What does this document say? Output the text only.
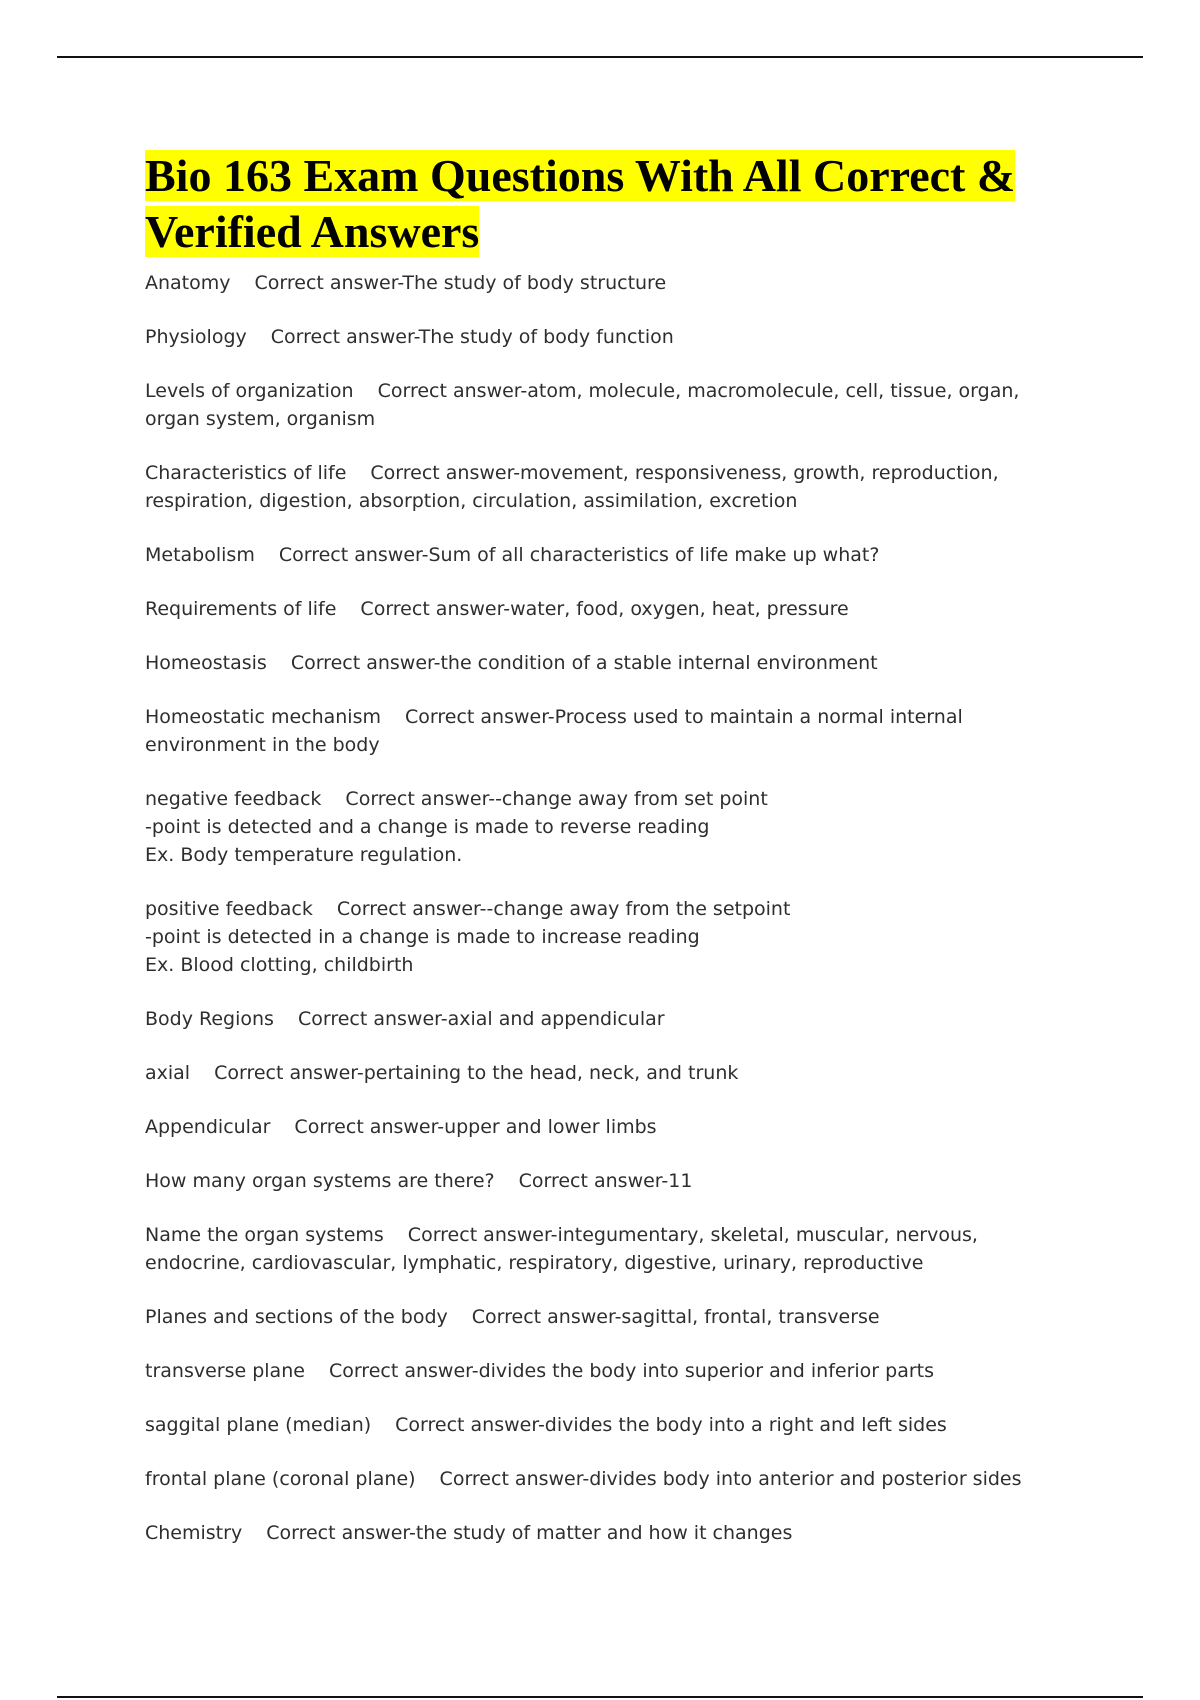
Bio 163 Exam Questions With All Correct & Verified Answers
Anatomy Correct answer-The study of body structure
Physiology Correct answer-The study of body function
Levels of organization Correct answer-atom, molecule, macromolecule, cell, tissue, organ, organ system, organism
Characteristics of life Correct answer-movement, responsiveness, growth, reproduction, respiration, digestion, absorption, circulation, assimilation, excretion
Metabolism Correct answer-Sum of all characteristics of life make up what?
Requirements of life Correct answer-water, food, oxygen, heat, pressure
Homeostasis Correct answer-the condition of a stable internal environment
Homeostatic mechanism Correct answer-Process used to maintain a normal internal environment in the body
negative feedback Correct answer--change away from set point
-point is detected and a change is made to reverse reading
Ex. Body temperature regulation.
positive feedback Correct answer--change away from the setpoint
-point is detected in a change is made to increase reading
Ex. Blood clotting, childbirth
Body Regions Correct answer-axial and appendicular
axial Correct answer-pertaining to the head, neck, and trunk
Appendicular Correct answer-upper and lower limbs
How many organ systems are there? Correct answer-11
Name the organ systems Correct answer-integumentary, skeletal, muscular, nervous, endocrine, cardiovascular, lymphatic, respiratory, digestive, urinary, reproductive
Planes and sections of the body Correct answer-sagittal, frontal, transverse
transverse plane Correct answer-divides the body into superior and inferior parts
saggital plane (median) Correct answer-divides the body into a right and left sides
frontal plane (coronal plane) Correct answer-divides body into anterior and posterior sides
Chemistry Correct answer-the study of matter and how it changes
